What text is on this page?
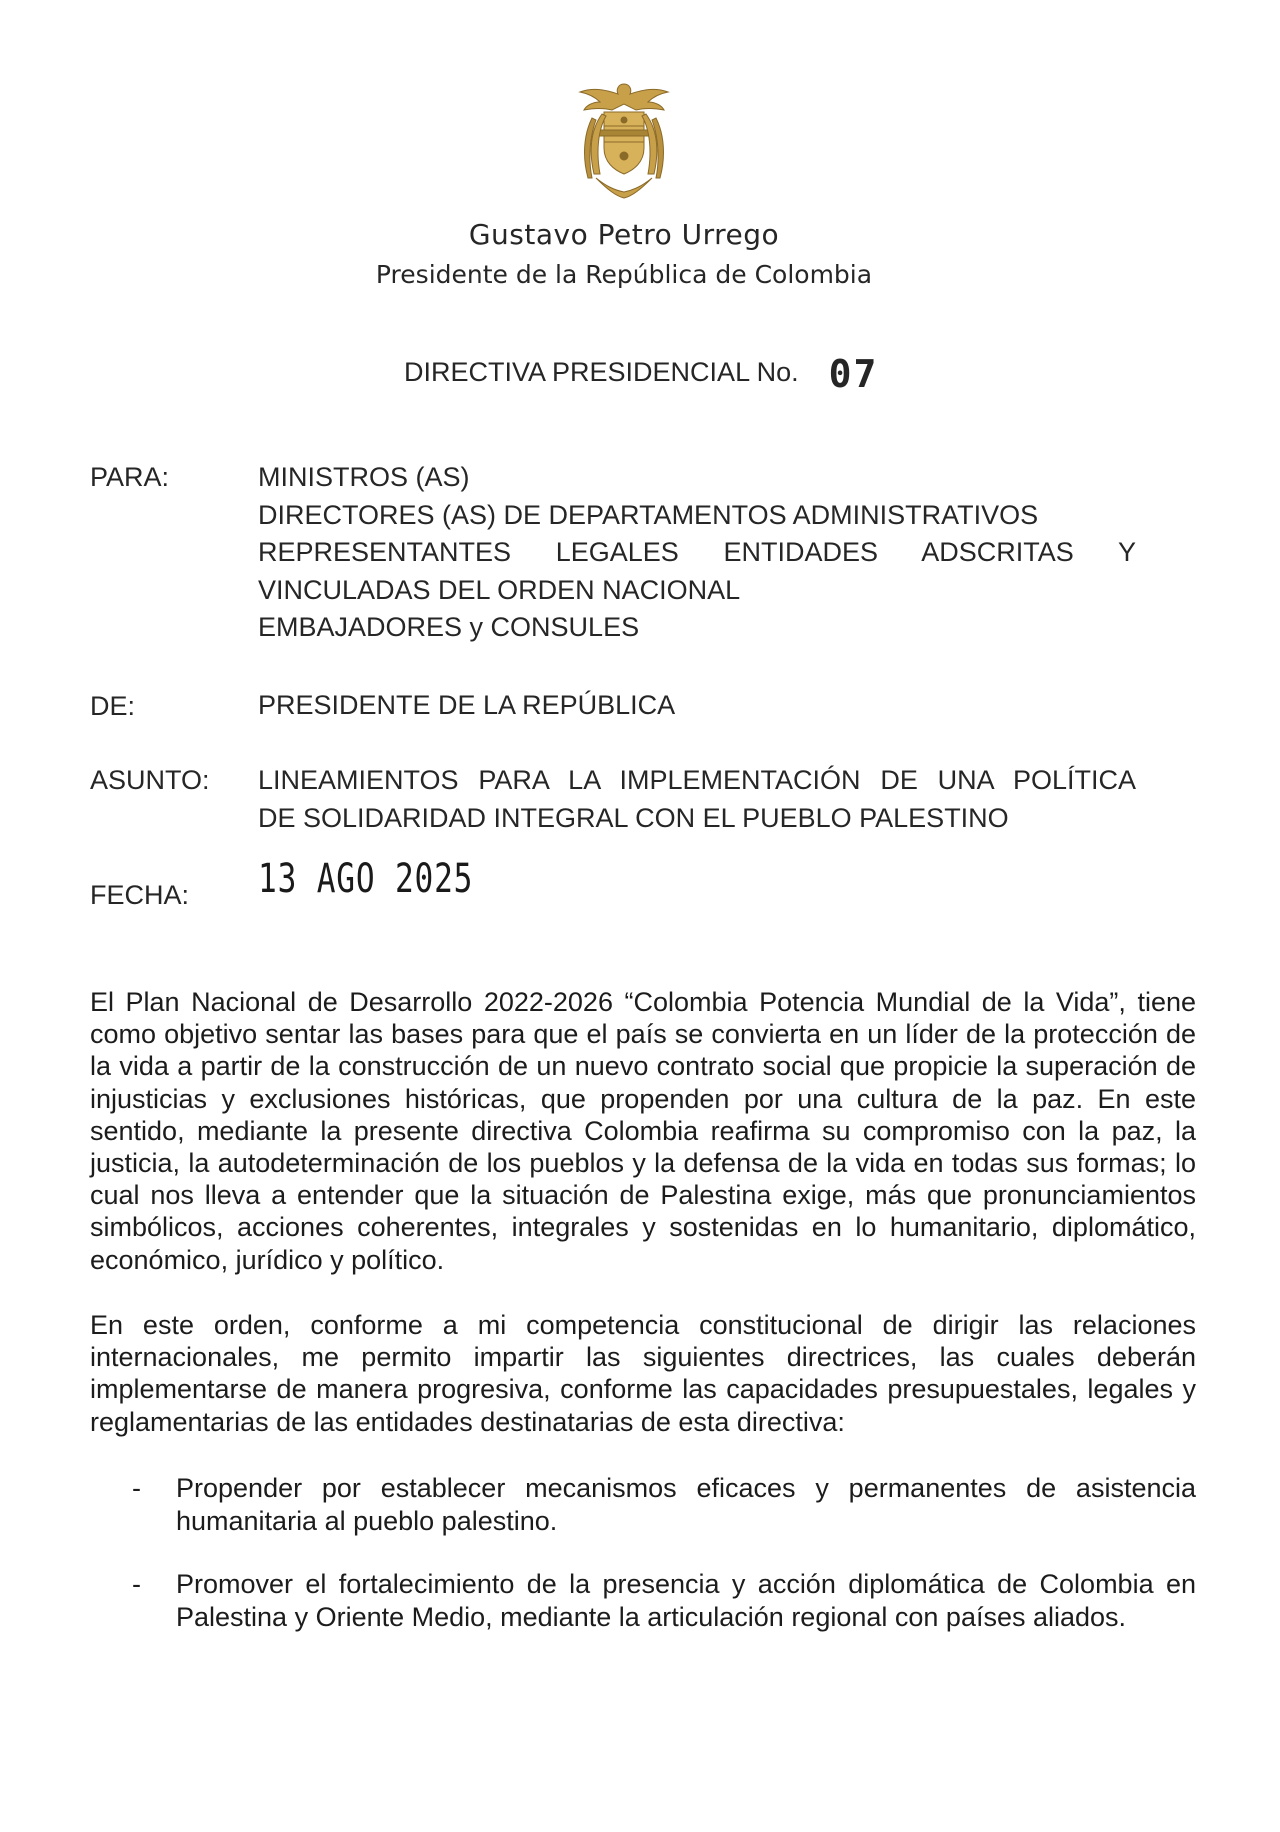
Gustavo Petro Urrego
Presidente de la República de Colombia
DIRECTIVA PRESIDENCIAL No. 07
PARA:	MINISTROS (AS)
DIRECTORES (AS) DE DEPARTAMENTOS ADMINISTRATIVOS
REPRESENTANTES LEGALES ENTIDADES ADSCRITAS Y
VINCULADAS DEL ORDEN NACIONAL
EMBAJADORES y CONSULES
DE:	PRESIDENTE DE LA REPÚBLICA
ASUNTO: LINEAMIENTOS PARA LA IMPLEMENTACIÓN DE UNA POLÍTICA
DE SOLIDARIDAD INTEGRAL CON EL PUEBLO PALESTINO
FECHA: 13 AGO 2025
El Plan Nacional de Desarrollo 2022-2026 “Colombia Potencia Mundial de la Vida”, tiene como objetivo sentar las bases para que el país se convierta en un líder de la protección de la vida a partir de la construcción de un nuevo contrato social que propicie la superación de injusticias y exclusiones históricas, que propenden por una cultura de la paz. En este sentido, mediante la presente directiva Colombia reafirma su compromiso con la paz, la justicia, la autodeterminación de los pueblos y la defensa de la vida en todas sus formas; lo cual nos lleva a entender que la situación de Palestina exige, más que pronunciamientos simbólicos, acciones coherentes, integrales y sostenidas en lo humanitario, diplomático, económico, jurídico y político.
En este orden, conforme a mi competencia constitucional de dirigir las relaciones internacionales, me permito impartir las siguientes directrices, las cuales deberán implementarse de manera progresiva, conforme las capacidades presupuestales, legales y reglamentarias de las entidades destinatarias de esta directiva:
- Propender por establecer mecanismos eficaces y permanentes de asistencia humanitaria al pueblo palestino.
- Promover el fortalecimiento de la presencia y acción diplomática de Colombia en Palestina y Oriente Medio, mediante la articulación regional con países aliados.
